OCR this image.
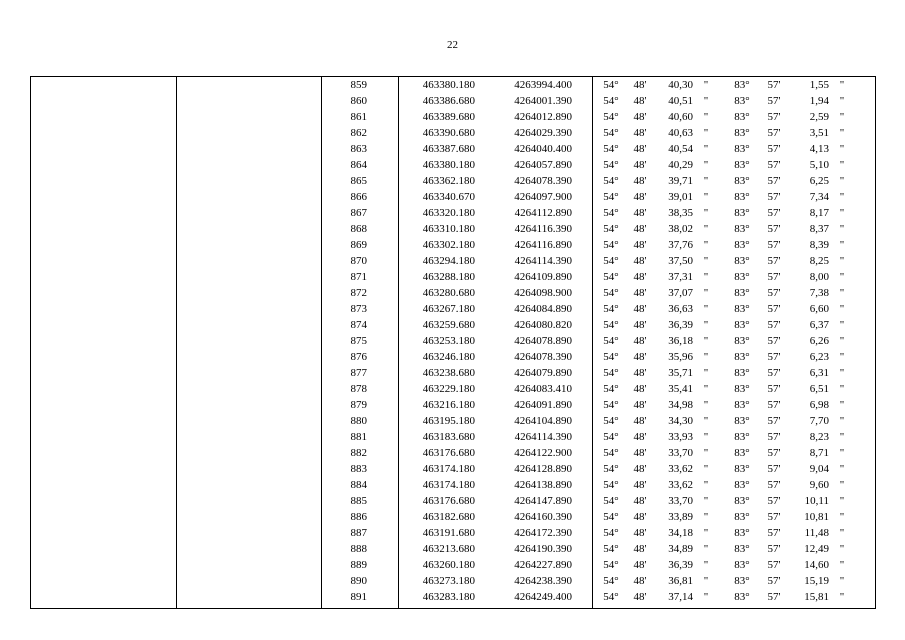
22
859	463380.180	4263994.400	54° 48'	40,30 " 83° 57'	1,55 "
860	463386.680	4264001.390	54° 48'	40,51 " 83° 57'	1,94 "
861	463389.680	4264012.890	54° 48'	40,60 " 83° 57'	2,59 "
862	463390.680	4264029.390	54° 48'	40,63 " 83° 57'	3,51 "
863	463387.680	4264040.400	54° 48'	40,54 " 83° 57'	4,13 "
864	463380.180	4264057.890	54° 48'	40,29 " 83° 57'	5,10 "
865	463362.180	4264078.390	54° 48'	39,71 " 83° 57'	6,25 "
866	463340.670	4264097.900	54° 48'	39,01 " 83° 57'	7,34 "
867	463320.180	4264112.890	54° 48'	38,35 " 83° 57'	8,17 "
868	463310.180	4264116.390	54° 48'	38,02 " 83° 57'	8,37 "
869	463302.180	4264116.890	54° 48'	37,76 " 83° 57'	8,39 "
870	463294.180	4264114.390	54° 48'	37,50 " 83° 57'	8,25 "
871	463288.180	4264109.890	54° 48'	37,31 " 83° 57'	8,00 "
872	463280.680	4264098.900	54° 48'	37,07 " 83° 57'	7,38 "
873	463267.180	4264084.890	54° 48'	36,63 " 83° 57'	6,60 "
874	463259.680	4264080.820	54° 48'	36,39 " 83° 57'	6,37 "
875	463253.180	4264078.890	54° 48'	36,18 " 83° 57'	6,26 "
876	463246.180	4264078.390	54° 48'	35,96 " 83° 57'	6,23 "
877	463238.680	4264079.890	54° 48'	35,71 " 83° 57'	6,31 "
878	463229.180	4264083.410	54° 48'	35,41 " 83° 57'	6,51 "
879	463216.180	4264091.890	54° 48'	34,98 " 83° 57'	6,98 "
880	463195.180	4264104.890	54° 48'	34,30 " 83° 57'	7,70 "
881	463183.680	4264114.390	54° 48'	33,93 " 83° 57'	8,23 "
882	463176.680	4264122.900	54° 48'	33,70 " 83° 57'	8,71 "
883	463174.180	4264128.890	54° 48'	33,62 " 83° 57'	9,04 "
884	463174.180	4264138.890	54° 48'	33,62 " 83° 57'	9,60 "
885	463176.680	4264147.890	54° 48'	33,70 " 83° 57'	10,11 "
886	463182.680	4264160.390	54° 48'	33,89 " 83° 57'	10,81 "
887	463191.680	4264172.390	54° 48'	34,18 " 83° 57'	11,48 "
888	463213.680	4264190.390	54° 48'	34,89 " 83° 57'	12,49 "
889	463260.180	4264227.890	54° 48'	36,39 " 83° 57'	14,60 "
890	463273.180	4264238.390	54° 48'	36,81 " 83° 57'	15,19 "
891	463283.180	4264249.400	54° 48'	37,14 " 83° 57'	15,81 "
